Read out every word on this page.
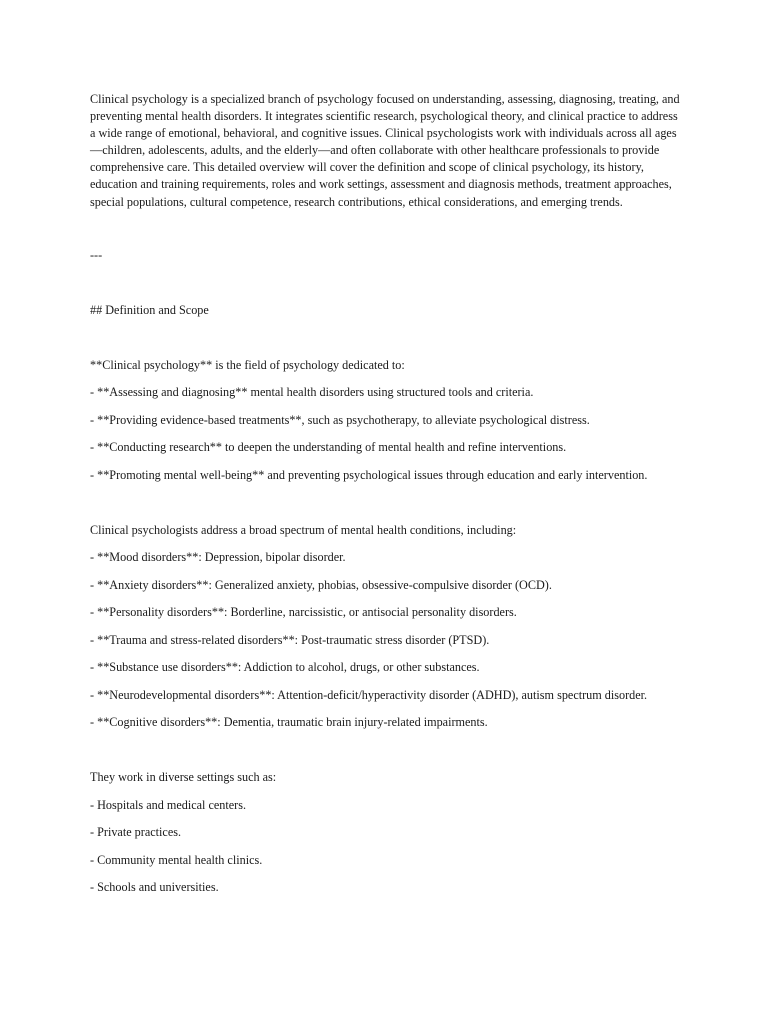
Clinical psychology is a specialized branch of psychology focused on understanding, assessing, diagnosing, treating, and preventing mental health disorders. It integrates scientific research, psychological theory, and clinical practice to address a wide range of emotional, behavioral, and cognitive issues. Clinical psychologists work with individuals across all ages—children, adolescents, adults, and the elderly—and often collaborate with other healthcare professionals to provide comprehensive care. This detailed overview will cover the definition and scope of clinical psychology, its history, education and training requirements, roles and work settings, assessment and diagnosis methods, treatment approaches, special populations, cultural competence, research contributions, ethical considerations, and emerging trends.

---

## Definition and Scope

**Clinical psychology** is the field of psychology dedicated to:

- **Assessing and diagnosing** mental health disorders using structured tools and criteria.

- **Providing evidence-based treatments**, such as psychotherapy, to alleviate psychological distress.

- **Conducting research** to deepen the understanding of mental health and refine interventions.

- **Promoting mental well-being** and preventing psychological issues through education and early intervention.

Clinical psychologists address a broad spectrum of mental health conditions, including:

- **Mood disorders**: Depression, bipolar disorder.

- **Anxiety disorders**: Generalized anxiety, phobias, obsessive-compulsive disorder (OCD).

- **Personality disorders**: Borderline, narcissistic, or antisocial personality disorders.

- **Trauma and stress-related disorders**: Post-traumatic stress disorder (PTSD).

- **Substance use disorders**: Addiction to alcohol, drugs, or other substances.

- **Neurodevelopmental disorders**: Attention-deficit/hyperactivity disorder (ADHD), autism spectrum disorder.

- **Cognitive disorders**: Dementia, traumatic brain injury-related impairments.

They work in diverse settings such as:

- Hospitals and medical centers.

- Private practices.

- Community mental health clinics.

- Schools and universities.
